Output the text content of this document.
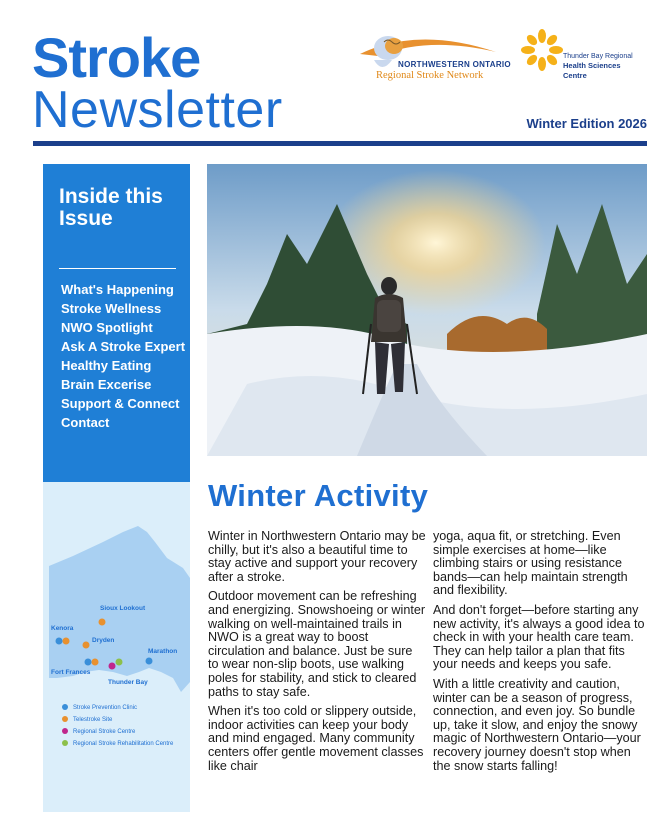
Stroke
Newsletter
NORTHWESTERN ONTARIO
Regional Stroke Network
Thunder Bay Regional
Health Sciences
Centre
Winter Edition 2026
Inside this Issue
What's Happening
Stroke Wellness
NWO Spotlight
Ask A Stroke Expert
Healthy Eating
Brain Excerise
Support & Connect
Contact
Sioux Lookout
Kenora
Dryden
Fort Frances
Thunder Bay
Marathon
Stroke Prevention Clinic
Telestroke Site
Regional Stroke Centre
Regional Stroke Rehabilitation Centre
Winter Activity

Winter in Northwestern Ontario may be chilly, but it's also a beautiful time to stay active and support your recovery after a stroke.

Outdoor movement can be refreshing and energizing. Snowshoeing or winter walking on well-maintained trails in NWO is a great way to boost circulation and balance. Just be sure to wear non-slip boots, use walking poles for stability, and stick to cleared paths to stay safe.

When it's too cold or slippery outside, indoor activities can keep your body and mind engaged. Many community centers offer gentle movement classes like chair

yoga, aqua fit, or stretching. Even simple exercises at home—like climbing stairs or using resistance bands—can help maintain strength and flexibility.

And don't forget—before starting any new activity, it's always a good idea to check in with your health care team. They can help tailor a plan that fits your needs and keeps you safe.

With a little creativity and caution, winter can be a season of progress, connection, and even joy. So bundle up, take it slow, and enjoy the snowy magic of Northwestern Ontario—your recovery journey doesn't stop when the snow starts falling!
